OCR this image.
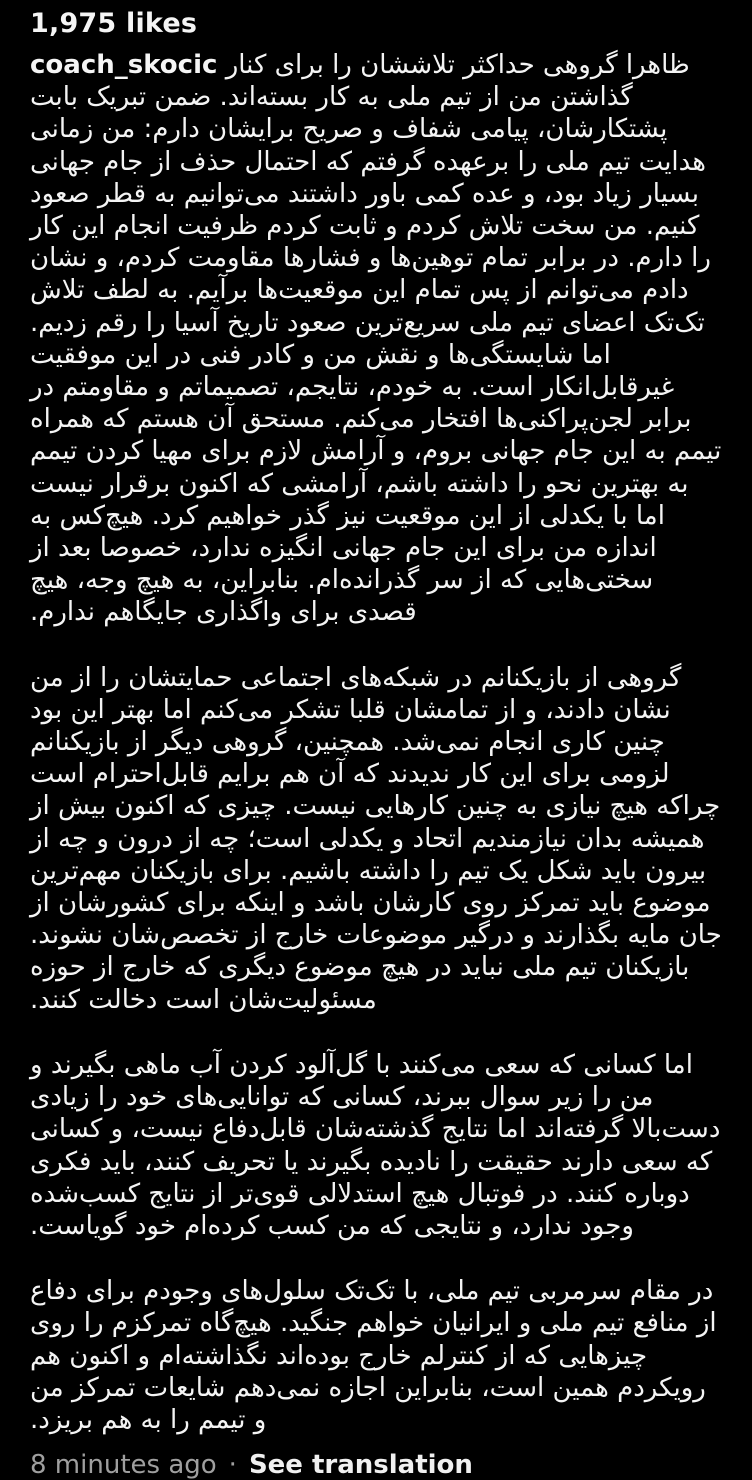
1,975 likes

coach_skocic ظاهرا گروهی حداکثر تلاششان را برای کنار گذاشتن من از تیم ملی به کار بسته‌اند. ضمن تبریک بابت پشتکارشان، پیامی شفاف و صریح برایشان دارم: من زمانی هدایت تیم ملی را برعهده گرفتم که احتمال حذف از جام جهانی بسیار زیاد بود، و عده کمی باور داشتند می‌توانیم به قطر صعود کنیم. من سخت تلاش کردم و ثابت کردم ظرفیت انجام این کار را دارم. در برابر تمام توهین‌ها و فشارها مقاومت کردم، و نشان دادم می‌توانم از پس تمام این موقعیت‌ها برآیم. به لطف تلاش تک‌تک اعضای تیم ملی سریع‌ترین صعود تاریخ آسیا را رقم زدیم. اما شایستگی‌ها و نقش من و کادر فنی در این موفقیت غیرقابل‌انکار است. به خودم، نتایجم، تصمیماتم و مقاومتم در برابر لجن‌پراکنی‌ها افتخار می‌کنم. مستحق آن هستم که همراه تیمم به این جام جهانی بروم، و آرامش لازم برای مهیا کردن تیمم به بهترین نحو را داشته باشم، آرامشی که اکنون برقرار نیست اما با یکدلی از این موقعیت نیز گذر خواهیم کرد. هیچ‌کس به اندازه من برای این جام جهانی انگیزه ندارد، خصوصا بعد از سختی‌هایی که از سر گذرانده‌ام. بنابراین، به هیچ وجه، هیچ قصدی برای واگذاری جایگاهم ندارم.

گروهی از بازیکنانم در شبکه‌های اجتماعی حمایتشان را از من نشان دادند، و از تمامشان قلبا تشکر می‌کنم اما بهتر این بود چنین کاری انجام نمی‌شد. همچنین، گروهی دیگر از بازیکنانم لزومی برای این کار ندیدند که آن هم برایم قابل‌احترام است چراکه هیچ نیازی به چنین کارهایی نیست. چیزی که اکنون بیش از همیشه بدان نیازمندیم اتحاد و یکدلی است؛ چه از درون و چه از بیرون باید شکل یک تیم را داشته باشیم. برای بازیکنان مهم‌ترین موضوع باید تمرکز روی کارشان باشد و اینکه برای کشورشان از جان مایه بگذارند و درگیر موضوعات خارج از تخصص‌شان نشوند. بازیکنان تیم ملی نباید در هیچ موضوع دیگری که خارج از حوزه مسئولیت‌شان است دخالت کنند.

اما کسانی که سعی می‌کنند با گل‌آلود کردن آب ماهی بگیرند و من را زیر سوال ببرند، کسانی که توانایی‌های خود را زیادی دست‌بالا گرفته‌اند اما نتایج گذشته‌شان قابل‌دفاع نیست، و کسانی که سعی دارند حقیقت را نادیده بگیرند یا تحریف کنند، باید فکری دوباره کنند. در فوتبال هیچ استدلالی قوی‌تر از نتایج کسب‌شده وجود ندارد، و نتایجی که من کسب کرده‌ام خود گویاست.

در مقام سرمربی تیم ملی، با تک‌تک سلول‌های وجودم برای دفاع از منافع تیم ملی و ایرانیان خواهم جنگید. هیچ‌گاه تمرکزم را روی چیزهایی که از کنترلم خارج بوده‌اند نگذاشته‌ام و اکنون هم رویکردم همین است، بنابراین اجازه نمی‌دهم شایعات تمرکز من و تیمم را به هم بریزد.

8 minutes ago · See translation
